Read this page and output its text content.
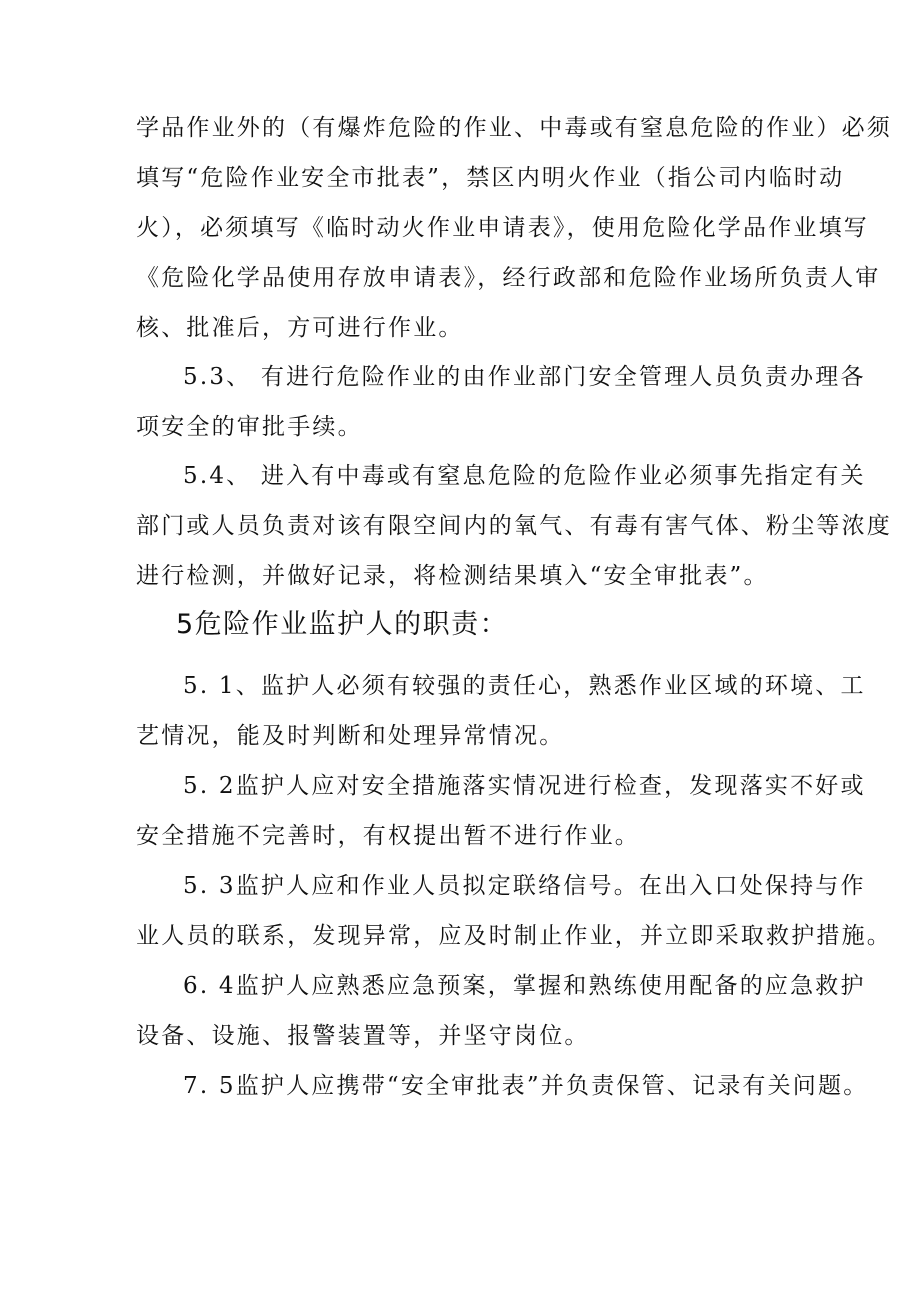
学品作业外的（有爆炸危险的作业、中毒或有窒息危险的作业）必须
填写“危险作业安全市批表”，禁区内明火作业（指公司内临时动
火），必须填写《临时动火作业申请表》，使用危险化学品作业填写
《危险化学品使用存放申请表》，经行政部和危险作业场所负责人审
核、批准后，方可进行作业。
5.3、 有进行危险作业的由作业部门安全管理人员负责办理各
项安全的审批手续。
5.4、 进入有中毒或有窒息危险的危险作业必须事先指定有关
部门或人员负责对该有限空间内的氧气、有毒有害气体、粉尘等浓度
进行检测，并做好记录，将检测结果填入“安全审批表”。
5危险作业监护人的职责：
5. 1、监护人必须有较强的责任心，熟悉作业区域的环境、工
艺情况，能及时判断和处理异常情况。
5. 2监护人应对安全措施落实情况进行检查，发现落实不好或
安全措施不完善时，有权提出暂不进行作业。
5. 3监护人应和作业人员拟定联络信号。在出入口处保持与作
业人员的联系，发现异常，应及时制止作业，并立即采取救护措施。
6. 4监护人应熟悉应急预案，掌握和熟练使用配备的应急救护
设备、设施、报警装置等，并坚守岗位。
7. 5监护人应携带“安全审批表”并负责保管、记录有关问题。
